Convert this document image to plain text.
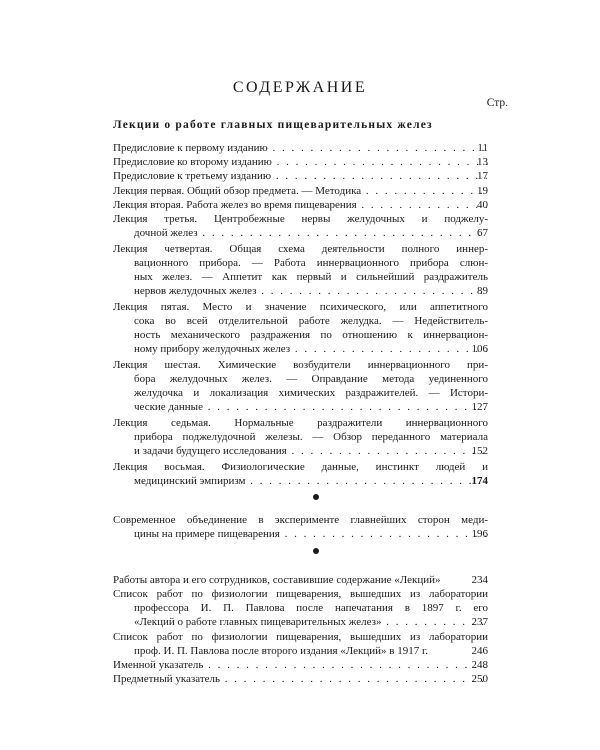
СОДЕРЖАНИЕ
Стр.
Лекции о работе главных пищеварительных желез
Предисловие к первому изданию . . .	11
Предисловие ко второму изданию . . .	13
Предисловие к третьему изданию . . .	17
Лекция первая. Общий обзор предмета. — Методика . . .	19
Лекция вторая. Работа желез во время пищеварения . . .	40
Лекция третья. Центробежные нервы желудочных и поджелу-
дочной желез . . .	67
Лекция четвертая. Общая схема деятельности полного иннер-
вационного прибора. — Работа иннервационного прибора слюн-
ных желез. — Аппетит как первый и сильнейший раздражитель
нервов желудочных желез . . .	89
Лекция пятая. Место и значение психического, или аппетитного
сока во всей отделительной работе желудка. — Недействитель-
ность механического раздражения по отношению к иннервацион-
ному прибору желудочных желез . . .	106
Лекция шестая. Химические возбудители иннервационного при-
бора желудочных желез. — Оправдание метода уединенного
желудочка и локализация химических раздражителей. — Истори-
ческие данные . . .	127
Лекция седьмая. Нормальные раздражители иннервационного
прибора поджелудочной железы. — Обзор переданного материала
и задачи будущего исследования . . .	152
Лекция восьмая. Физиологические данные, инстинкт людей и
медицинский эмпиризм . . .	174
Современное объединение в эксперименте главнейших сторон меди-
цины на примере пищеварения . . .	196
Работы автора и его сотрудников, составившие содержание «Лекций»	234
Список работ по физиологии пищеварения, вышедших из лаборатории
профессора И. П. Павлова после напечатания в 1897 г. его
«Лекций о работе главных пищеварительных желез» . . .	237
Список работ по физиологии пищеварения, вышедших из лаборатории
проф. И. П. Павлова после второго издания «Лекций» в 1917 г.	246
Именной указатель . . .	248
Предметный указатель . . .	250
